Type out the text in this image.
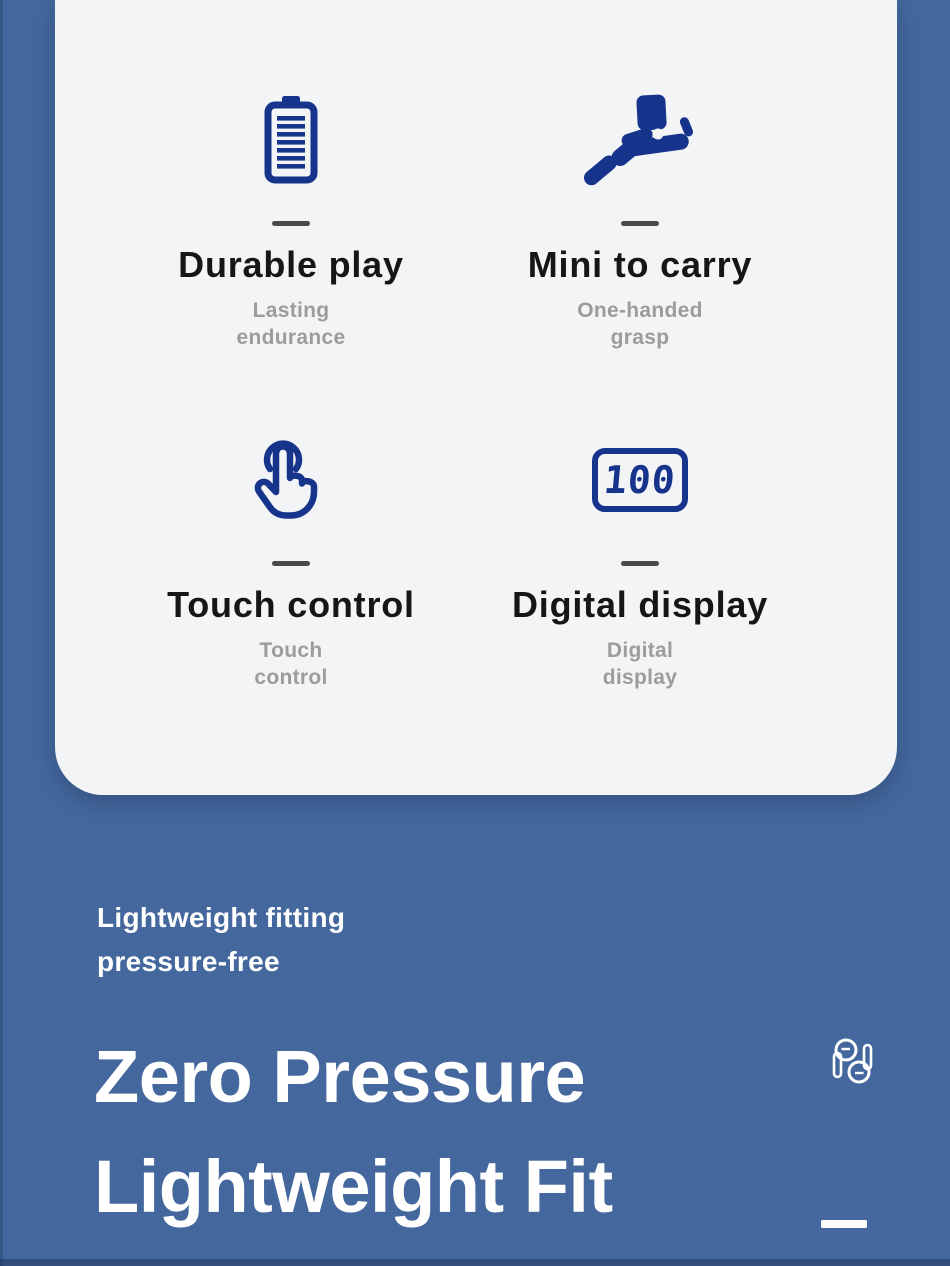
Durable play

Lasting
endurance

Mini to carry

One-handed
grasp

Touch control

Touch
control

100
Digital display

Digital
display

Lightweight fitting
pressure-free

Zero Pressure
Lightweight Fit
